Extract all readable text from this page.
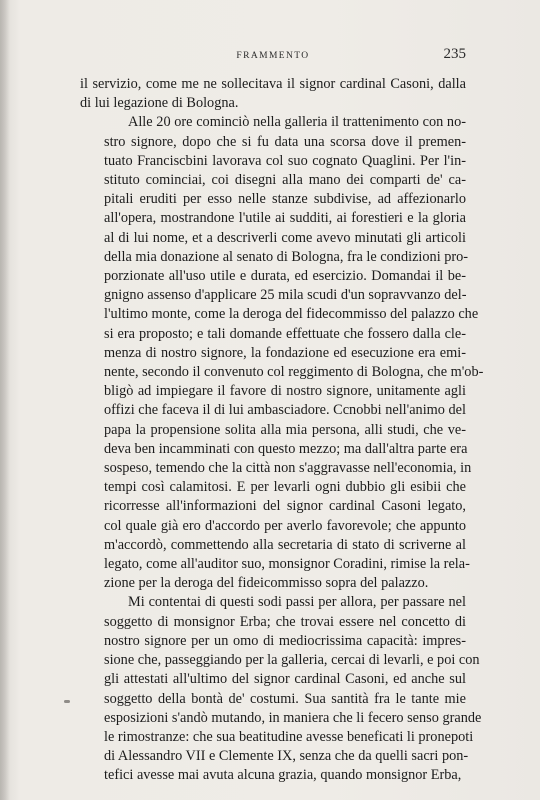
FRAMMENTO	235
il servizio, come me ne sollecitava il signor cardinal Casoni, dalla
di lui legazione di Bologna.
Alle 20 ore cominciò nella galleria il trattenimento con no-
stro signore, dopo che si fu data una scorsa dove il premen-
tuato Franciscbini lavorava col suo cognato Quaglini. Per l'in-
stituto cominciai, coi disegni alla mano dei comparti de' ca-
pitali eruditi per esso nelle stanze subdivise, ad affezionarlo
all'opera, mostrandone l'utile ai sudditi, ai forestieri e la gloria
al di lui nome, et a descriverli come avevo minutati gli articoli
della mia donazione al senato di Bologna, fra le condizioni pro-
porzionate all'uso utile e durata, ed esercizio. Domandai il be-
gnigno assenso d'applicare 25 mila scudi d'un sopravvanzo del-
l'ultimo monte, come la deroga del fidecommisso del palazzo che
si era proposto; e tali domande effettuate che fossero dalla cle-
menza di nostro signore, la fondazione ed esecuzione era emi-
nente, secondo il convenuto col reggimento di Bologna, che m'ob-
bligò ad impiegare il favore di nostro signore, unitamente agli
offizi che faceva il di lui ambasciadore. Ccnobbi nell'animo del
papa la propensione solita alla mia persona, alli studi, che ve-
deva ben incamminati con questo mezzo; ma dall'altra parte era
sospeso, temendo che la città non s'aggravasse nell'economia, in
tempi così calamitosi. E per levarli ogni dubbio gli esibii che
ricorresse all'informazioni del signor cardinal Casoni legato,
col quale già ero d'accordo per averlo favorevole; che appunto
m'accordò, commettendo alla secretaria di stato di scriverne al
legato, come all'auditor suo, monsignor Coradini, rimise la rela-
zione per la deroga del fideicommisso sopra del palazzo.
Mi contentai di questi sodi passi per allora, per passare nel
soggetto di monsignor Erba; che trovai essere nel concetto di
nostro signore per un omo di mediocrissima capacità: impres-
sione che, passeggiando per la galleria, cercai di levarli, e poi con
gli attestati all'ultimo del signor cardinal Casoni, ed anche sul
soggetto della bontà de' costumi. Sua santità fra le tante mie
esposizioni s'andò mutando, in maniera che li fecero senso grande
le rimostranze: che sua beatitudine avesse beneficati li pronepoti
di Alessandro VII e Clemente IX, senza che da quelli sacri pon-
tefici avesse mai avuta alcuna grazia, quando monsignor Erba,
